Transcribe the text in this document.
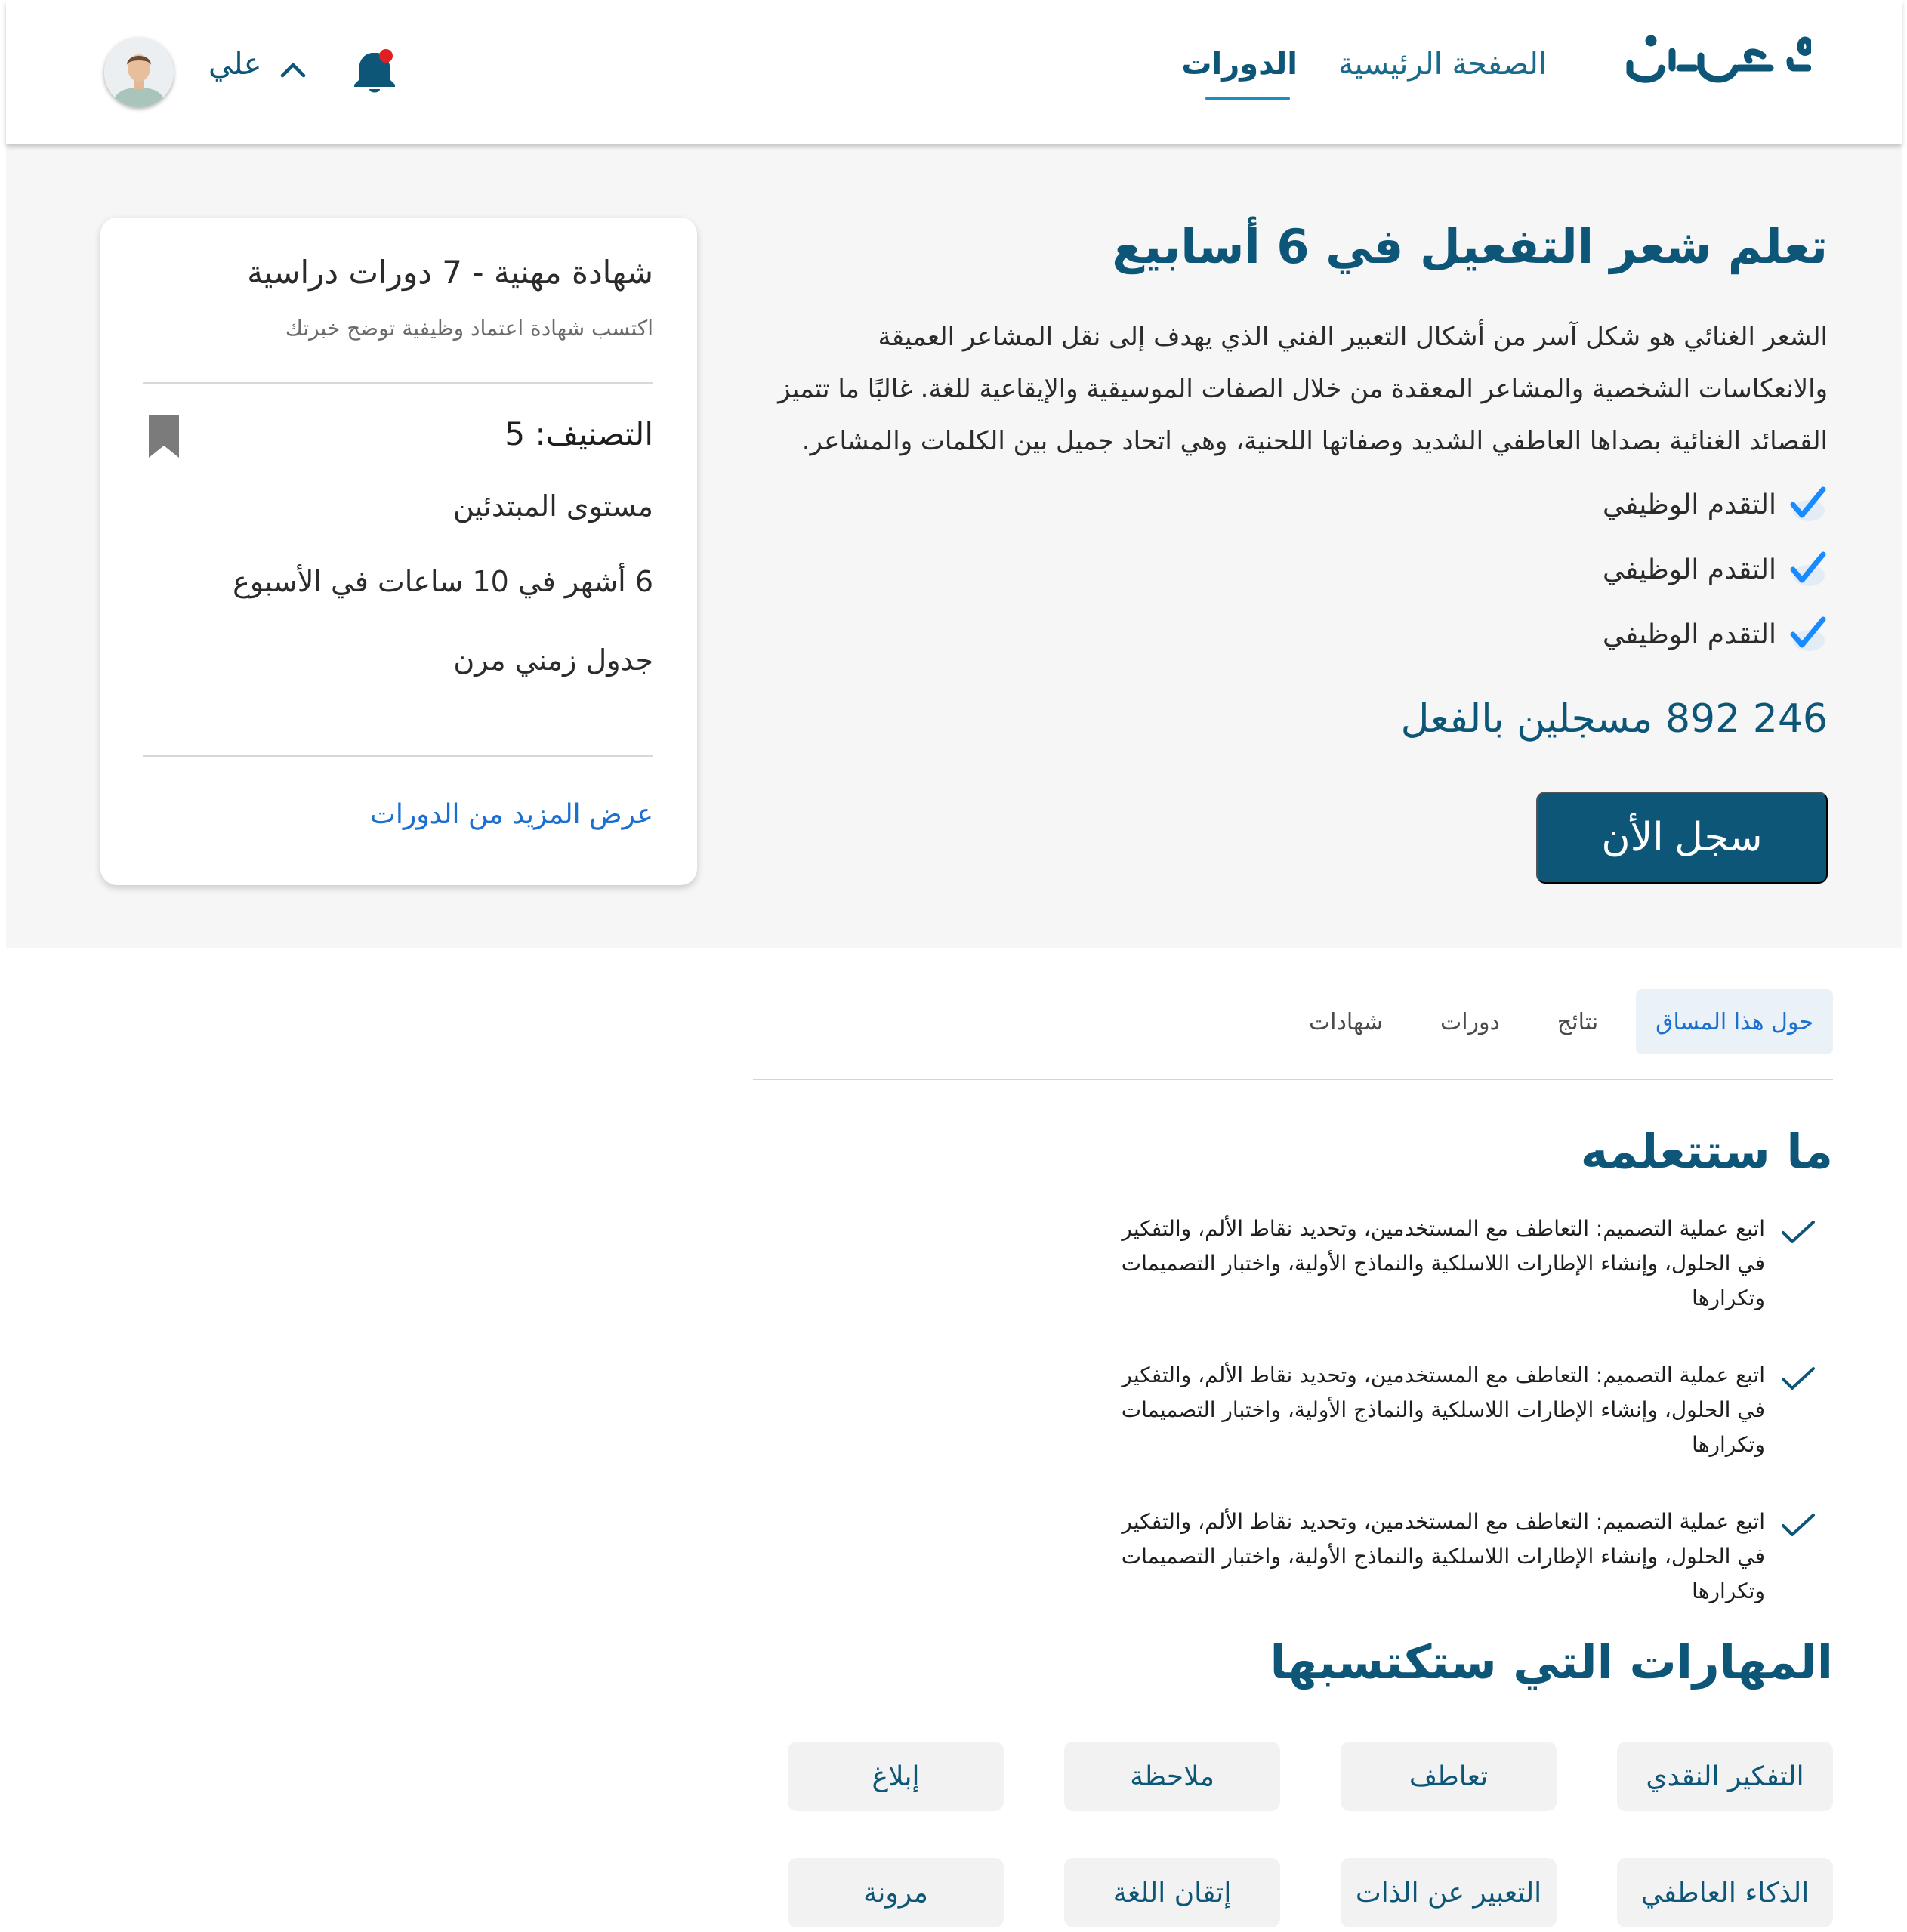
الصفحة الرئيسية
الدورات
علي
تعلم شعر التفعيل في 6 أسابيع

الشعر الغنائي هو شكل آسر من أشكال التعبير الفني الذي يهدف إلى نقل المشاعر العميقة والانعكاسات الشخصية والمشاعر المعقدة من خلال الصفات الموسيقية والإيقاعية للغة. غالبًا ما تتميز القصائد الغنائية بصداها العاطفي الشديد وصفاتها اللحنية، وهي اتحاد جميل بين الكلمات والمشاعر.

التقدم الوظيفي
التقدم الوظيفي
التقدم الوظيفي
246 892 مسجلين بالفعل
سجل الأن
شهادة مهنية - 7 دورات دراسية
اكتسب شهادة اعتماد وظيفية توضح خبرتك
التصنيف: 5
مستوى المبتدئين
6 أشهر في 10 ساعات في الأسبوع
جدول زمني مرن
عرض المزيد من الدورات
حول هذا المساق
نتائج
دورات
شهادات
ما ستتعلمه

اتبع عملية التصميم: التعاطف مع المستخدمين، وتحديد نقاط الألم، والتفكير في الحلول، وإنشاء الإطارات اللاسلكية والنماذج الأولية، واختبار التصميمات وتكرارها

اتبع عملية التصميم: التعاطف مع المستخدمين، وتحديد نقاط الألم، والتفكير في الحلول، وإنشاء الإطارات اللاسلكية والنماذج الأولية، واختبار التصميمات وتكرارها

اتبع عملية التصميم: التعاطف مع المستخدمين، وتحديد نقاط الألم، والتفكير في الحلول، وإنشاء الإطارات اللاسلكية والنماذج الأولية، واختبار التصميمات وتكرارها

المهارات التي ستكتسبها
التفكير النقدي
تعاطف
ملاحظة
إبلاغ
الذكاء العاطفي
التعبير عن الذات
إتقان اللغة
مرونة
